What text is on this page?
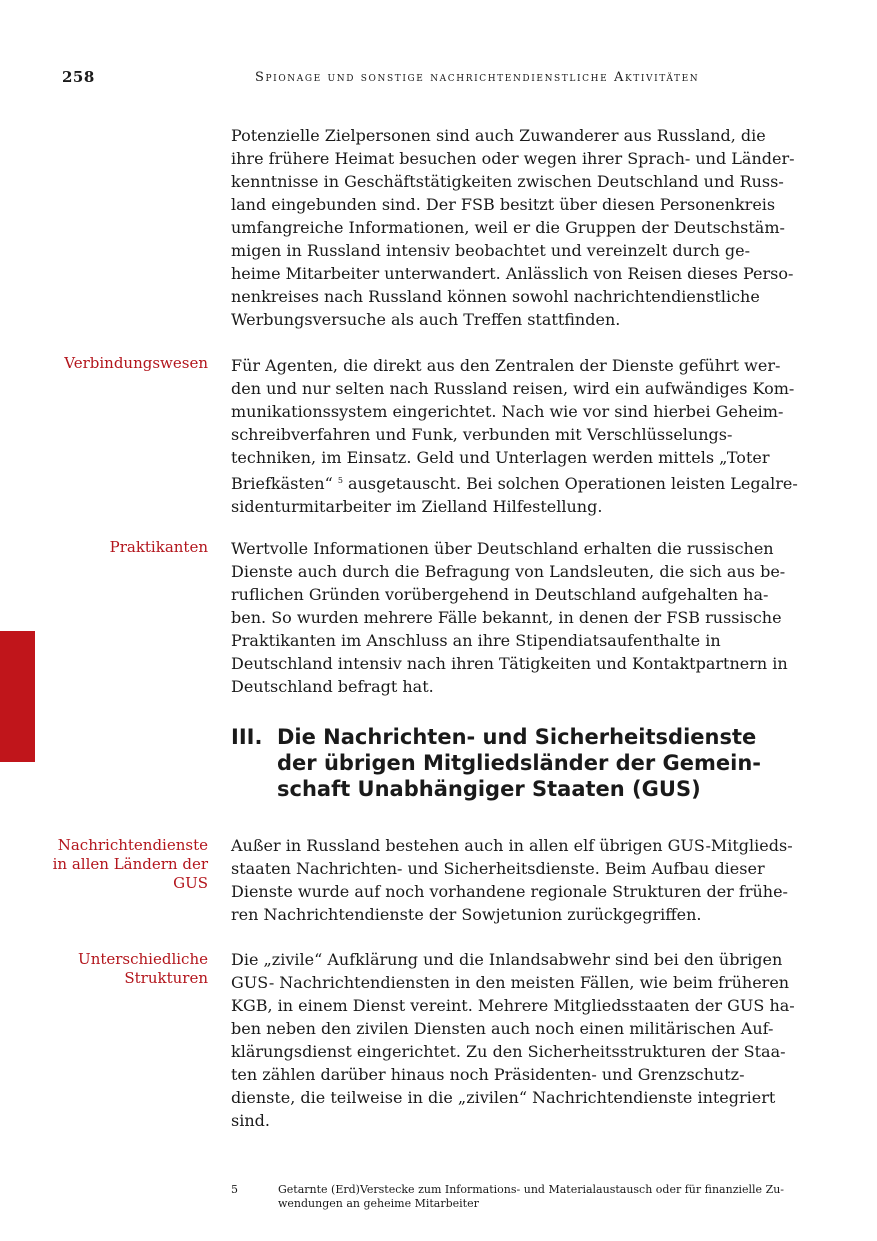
258	Spionage und sonstige nachrichtendienstliche Aktivitäten

Potenzielle Zielpersonen sind auch Zuwanderer aus Russland, die
ihre frühere Heimat besuchen oder wegen ihrer Sprach- und Länder-
kenntnisse in Geschäftstätigkeiten zwischen Deutschland und Russ-
land eingebunden sind. Der FSB besitzt über diesen Personenkreis
umfangreiche Informationen, weil er die Gruppen der Deutschstäm-
migen in Russland intensiv beobachtet und vereinzelt durch ge-
heime Mitarbeiter unterwandert. Anlässlich von Reisen dieses Perso-
nenkreises nach Russland können sowohl nachrichtendienstliche
Werbungsversuche als auch Treffen stattfinden.

Verbindungswesen Für Agenten, die direkt aus den Zentralen der Dienste geführt wer-
den und nur selten nach Russland reisen, wird ein aufwändiges Kom-
munikationssystem eingerichtet. Nach wie vor sind hierbei Geheim-
schreibverfahren und Funk, verbunden mit Verschlüsselungs-
techniken, im Einsatz. Geld und Unterlagen werden mittels „Toter
Briefkästen“ $^5$ ausgetauscht. Bei solchen Operationen leisten Legalre-
sidenturmitarbeiter im Zielland Hilfestellung.

Praktikanten Wertvolle Informationen über Deutschland erhalten die russischen
Dienste auch durch die Befragung von Landsleuten, die sich aus be-
ruflichen Gründen vorübergehend in Deutschland aufgehalten ha-
ben. So wurden mehrere Fälle bekannt, in denen der FSB russische
Praktikanten im Anschluss an ihre Stipendiatsaufenthalte in
Deutschland intensiv nach ihren Tätigkeiten und Kontaktpartnern in
Deutschland befragt hat.

III. Die Nachrichten- und Sicherheitsdienste
der übrigen Mitgliedsländer der Gemein-
schaft Unabhängiger Staaten (GUS)

Nachrichtendienste
in allen Ländern der
GUS

Außer in Russland bestehen auch in allen elf übrigen GUS-Mitglieds-
staaten Nachrichten- und Sicherheitsdienste. Beim Aufbau dieser
Dienste wurde auf noch vorhandene regionale Strukturen der frühe-
ren Nachrichtendienste der Sowjetunion zurückgegriffen.

Unterschiedliche
Strukturen

Die „zivile“ Aufklärung und die Inlandsabwehr sind bei den übrigen
GUS- Nachrichtendiensten in den meisten Fällen, wie beim früheren
KGB, in einem Dienst vereint. Mehrere Mitgliedsstaaten der GUS ha-
ben neben den zivilen Diensten auch noch einen militärischen Auf-
klärungsdienst eingerichtet. Zu den Sicherheitsstrukturen der Staa-
ten zählen darüber hinaus noch Präsidenten- und Grenzschutz-
dienste, die teilweise in die „zivilen“ Nachrichtendienste integriert
sind.

5	Getarnte (Erd)Verstecke zum Informations- und Materialaustausch oder für finanzielle Zu-
wendungen an geheime Mitarbeiter
